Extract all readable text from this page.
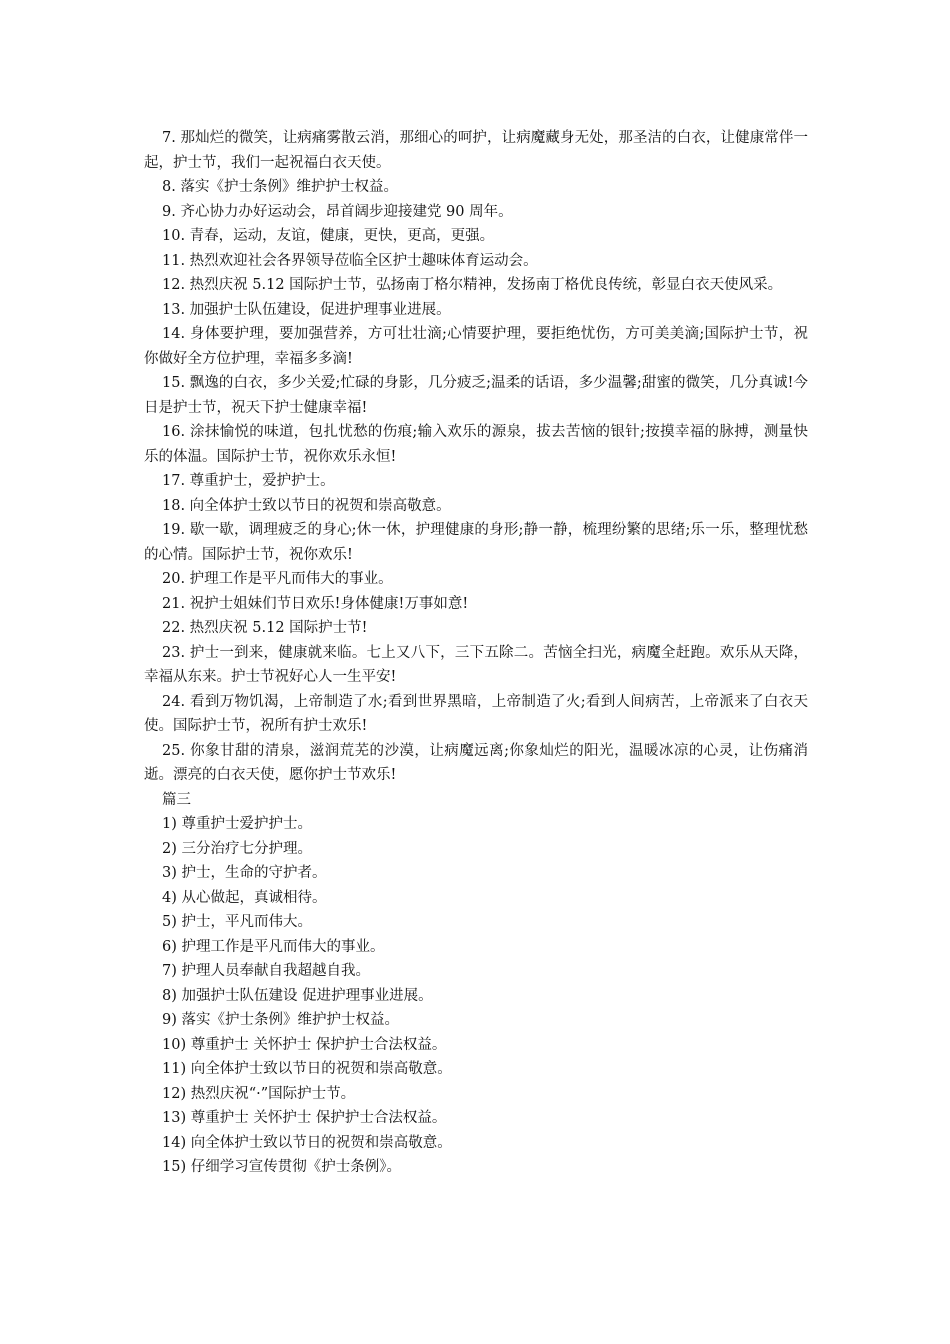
7. 那灿烂的微笑，让病痛雾散云消，那细心的呵护，让病魔藏身无处，那圣洁的白衣，让健康常伴一起，护士节，我们一起祝福白衣天使。

8. 落实《护士条例》维护护士权益。

9. 齐心协力办好运动会，昂首阔步迎接建党 90 周年。

10. 青春，运动，友谊，健康，更快，更高，更强。

11. 热烈欢迎社会各界领导莅临全区护士趣味体育运动会。

12. 热烈庆祝 5.12 国际护士节，弘扬南丁格尔精神，发扬南丁格优良传统，彰显白衣天使风采。

13. 加强护士队伍建设，促进护理事业进展。

14. 身体要护理，要加强营养，方可壮壮滴;心情要护理，要拒绝忧伤，方可美美滴;国际护士节，祝你做好全方位护理，幸福多多滴!

15. 飘逸的白衣，多少关爱;忙碌的身影，几分疲乏;温柔的话语，多少温馨;甜蜜的微笑，几分真诚!今日是护士节，祝天下护士健康幸福!

16. 涂抹愉悦的味道，包扎忧愁的伤痕;输入欢乐的源泉，拔去苦恼的银针;按摸幸福的脉搏，测量快乐的体温。国际护士节，祝你欢乐永恒!

17. 尊重护士，爱护护士。

18. 向全体护士致以节日的祝贺和崇高敬意。

19. 歇一歇，调理疲乏的身心;休一休，护理健康的身形;静一静，梳理纷繁的思绪;乐一乐，整理忧愁的心情。国际护士节，祝你欢乐!

20. 护理工作是平凡而伟大的事业。

21. 祝护士姐妹们节日欢乐!身体健康!万事如意!

22. 热烈庆祝 5.12 国际护士节!

23. 护士一到来，健康就来临。七上又八下，三下五除二。苦恼全扫光，病魔全赶跑。欢乐从天降，幸福从东来。护士节祝好心人一生平安!

24. 看到万物饥渴，上帝制造了水;看到世界黑暗，上帝制造了火;看到人间病苦，上帝派来了白衣天使。国际护士节，祝所有护士欢乐!

25. 你象甘甜的清泉，滋润荒芜的沙漠，让病魔远离;你象灿烂的阳光，温暖冰凉的心灵，让伤痛消逝。漂亮的白衣天使，愿你护士节欢乐!

篇三

1) 尊重护士爱护护士。

2) 三分治疗七分护理。

3) 护士，生命的守护者。

4) 从心做起，真诚相待。

5) 护士，平凡而伟大。

6) 护理工作是平凡而伟大的事业。

7) 护理人员奉献自我超越自我。

8) 加强护士队伍建设 促进护理事业进展。

9) 落实《护士条例》维护护士权益。

10) 尊重护士 关怀护士 保护护士合法权益。

11) 向全体护士致以节日的祝贺和崇高敬意。

12) 热烈庆祝“·”国际护士节。

13) 尊重护士 关怀护士 保护护士合法权益。

14) 向全体护士致以节日的祝贺和崇高敬意。

15) 仔细学习宣传贯彻《护士条例》。
